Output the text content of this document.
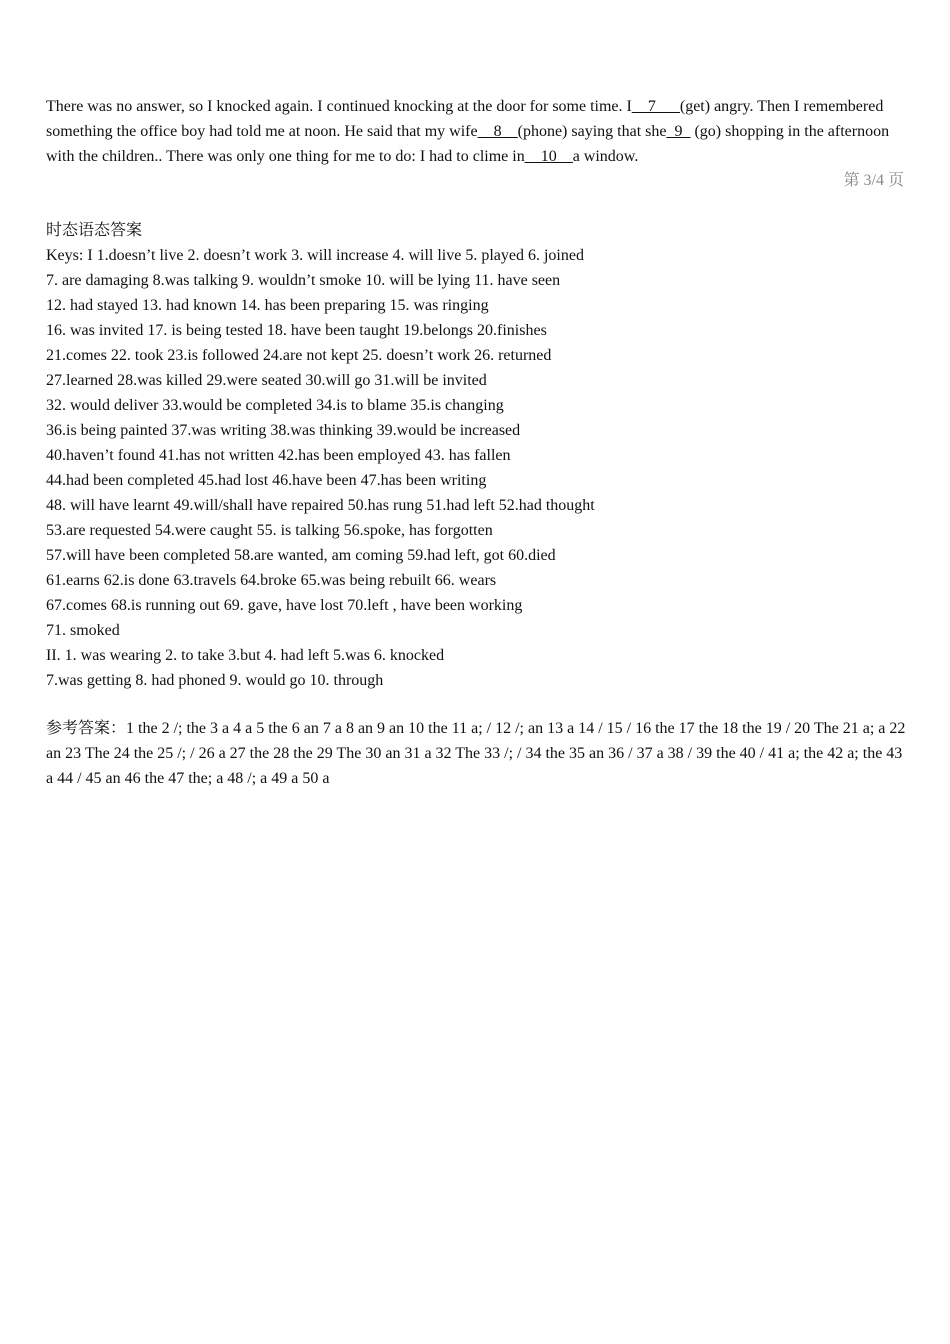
There was no answer, so I knocked again. I continued knocking at the door for some time. I__7___(get) angry. Then I remembered something the office boy had told me at noon. He said that my wife__8__(phone) saying that she_9_ (go) shopping in the afternoon with the children.. There was only one thing for me to do: I had to clime in__10__a window.

第 3/4 页
时态语态答案
Keys: I 1.doesn’t live 2. doesn’t work 3. will increase 4. will live 5. played 6. joined
7. are damaging 8.was talking 9. wouldn’t smoke 10. will be lying 11. have seen
12. had stayed 13. had known 14. has been preparing 15. was ringing
16. was invited 17. is being tested 18. have been taught 19.belongs 20.finishes
21.comes 22. took 23.is followed 24.are not kept 25. doesn’t work 26. returned
27.learned 28.was killed 29.were seated 30.will go 31.will be invited
32. would deliver 33.would be completed 34.is to blame 35.is changing
36.is being painted 37.was writing 38.was thinking 39.would be increased
40.haven’t found 41.has not written 42.has been employed 43. has fallen
44.had been completed 45.had lost 46.have been 47.has been writing
48. will have learnt 49.will/shall have repaired 50.has rung 51.had left 52.had thought
53.are requested 54.were caught 55. is talking 56.spoke, has forgotten
57.will have been completed 58.are wanted, am coming 59.had left, got 60.died
61.earns 62.is done 63.travels 64.broke 65.was being rebuilt 66. wears
67.comes 68.is running out 69. gave, have lost 70.left , have been working
71. smoked
II. 1. was wearing 2. to take 3.but 4. had left 5.was 6. knocked
7.was getting 8. had phoned 9. would go 10. through

参考答案：1 the 2 /; the 3 a 4 a 5 the 6 an 7 a 8 an 9 an 10 the 11 a; / 12 /; an 13 a 14 / 15 / 16 the 17 the 18 the 19 / 20 The 21 a; a 22 an 23 The 24 the 25 /; / 26 a 27 the 28 the 29 The 30 an 31 a 32 The 33 /; / 34 the 35 an 36 / 37 a 38 / 39 the 40 / 41 a; the 42 a; the 43 a 44 / 45 an 46 the 47 the; a 48 /; a 49 a 50 a
